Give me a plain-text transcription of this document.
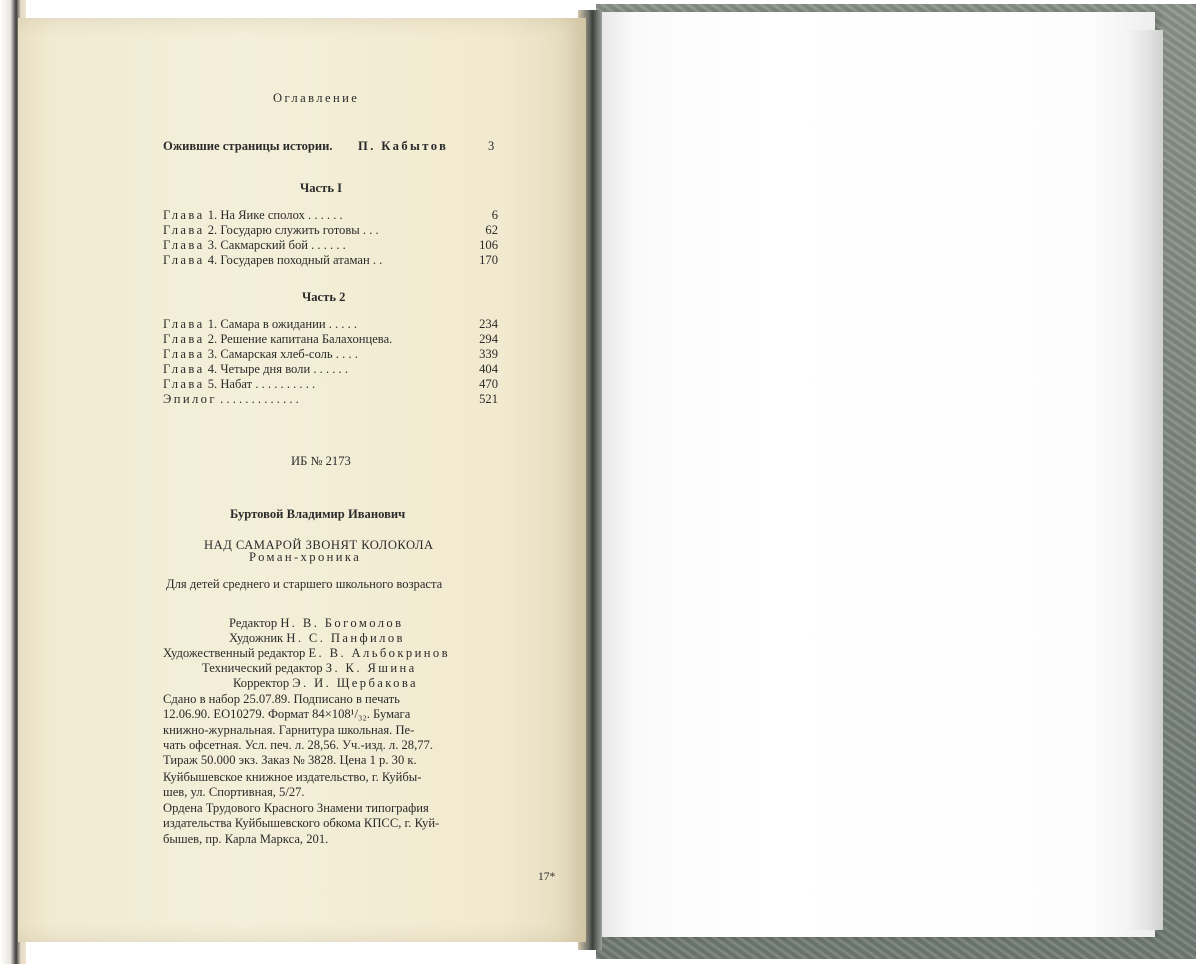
Оглавление
Ожившие страницы истории. П. Кабытов	3
Часть I
Глава 1. На Яике сполох . . . . . .	6
Глава 2. Государю служить готовы . . .	62
Глава 3. Сакмарский бой . . . . . .	106
Глава 4. Государев походный атаман . .	170
Часть 2
Глава 1. Самара в ожидании . . . . .	234
Глава 2. Решение капитана Балахонцева.	294
Глава 3. Самарская хлеб-соль . . . .	339
Глава 4. Четыре дня воли . . . . . .	404
Глава 5. Набат . . . . . . . . . .	470
Эпилог . . . . . . . . . . . . .	521
ИБ № 2173
Буртовой Владимир Иванович
НАД САМАРОЙ ЗВОНЯТ КОЛОКОЛА
Роман-хроника
Для детей среднего и старшего школьного возраста
Редактор Н. В. Богомолов
Художник Н. С. Панфилов
Художественный редактор Е. В. Альбокринов
Технический редактор З. К. Яшина
Корректор Э. И. Щербакова

Сдано в набор 25.07.89. Подписано в печать

12.06.90. ЕО10279. Формат 84×108¹/₃₂. Бумага

книжно-журнальная. Гарнитура школьная. Пе-

чать офсетная. Усл. печ. л. 28,56. Уч.-изд. л. 28,77.

Тираж 50.000 экз. Заказ № 3828. Цена 1 р. 30 к.

Куйбышевское книжное издательство, г. Куйбы-

шев, ул. Спортивная, 5/27.

Ордена Трудового Красного Знамени типография

издательства Куйбышевского обкома КПСС, г. Куй-

бышев, пр. Карла Маркса, 201.

17*
